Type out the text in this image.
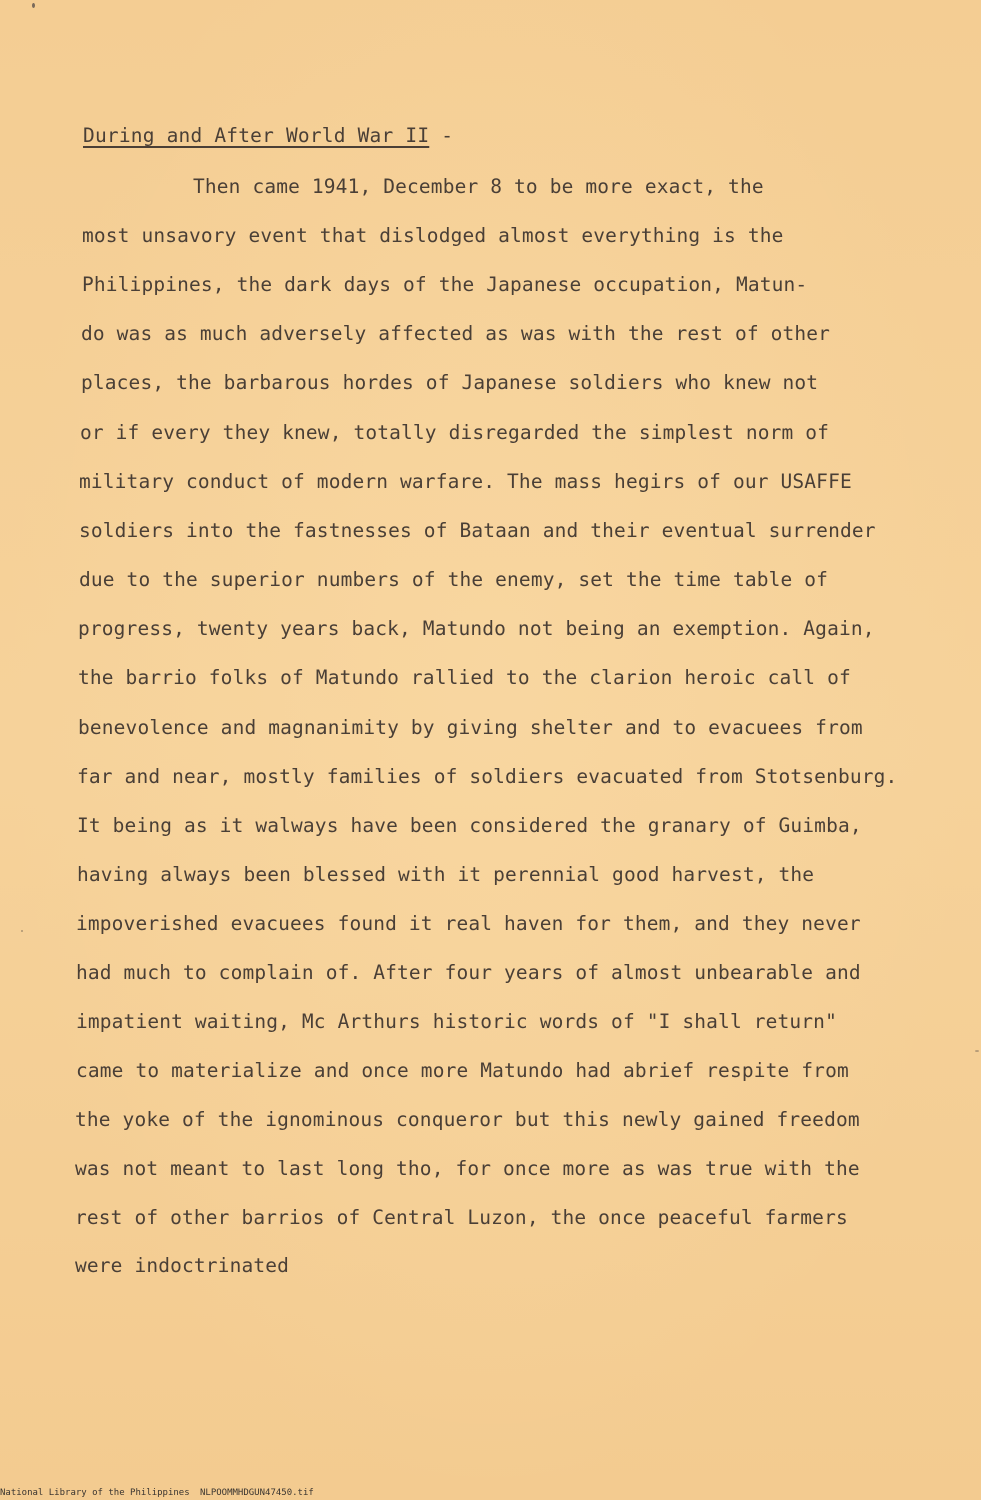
During and After World War II -
Then came 1941, December 8 to be more exact, the
most unsavory event that dislodged almost everything is the
Philippines, the dark days of the Japanese occupation, Matun-
do was as much adversely affected as was with the rest of other
places, the barbarous hordes of Japanese soldiers who knew not
or if every they knew, totally disregarded the simplest norm of
military conduct of modern warfare. The mass hegirs of our USAFFE
soldiers into the fastnesses of Bataan and their eventual surrender
due to the superior numbers of the enemy, set the time table of
progress, twenty years back, Matundo not being an exemption. Again,
the barrio folks of Matundo rallied to the clarion heroic call of
benevolence and magnanimity by giving shelter and to evacuees from
far and near, mostly families of soldiers evacuated from Stotsenburg.
It being as it walways have been considered the granary of Guimba,
having always been blessed with it perennial good harvest, the
impoverished evacuees found it real haven for them, and they never
had much to complain of. After four years of almost unbearable and
impatient waiting, Mc Arthurs historic words of "I shall return"
came to materialize and once more Matundo had abrief respite from
the yoke of the ignominous conqueror but this newly gained freedom
was not meant to last long tho, for once more as was true with the
rest of other barrios of Central Luzon, the once peaceful farmers
were indoctrinated
National Library of the Philippines NLPOOMMHDGUN47450.tif
